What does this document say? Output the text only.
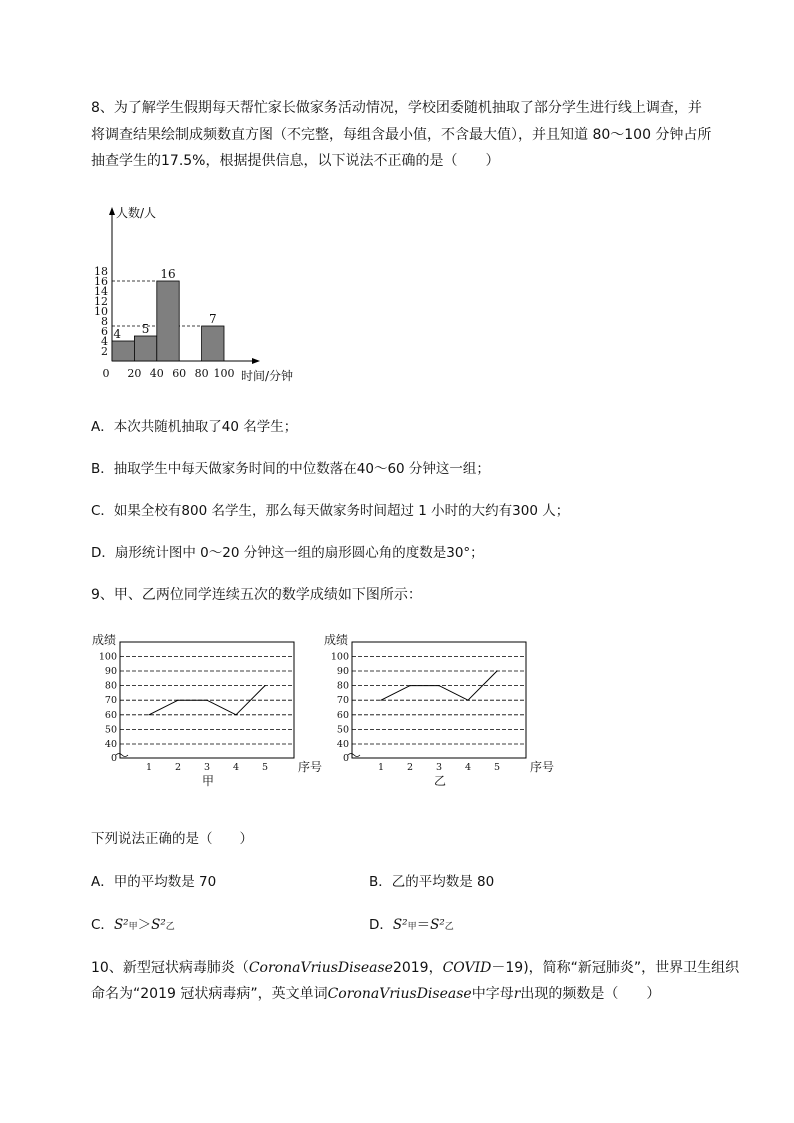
8、为了解学生假期每天帮忙家长做家务活动情况，学校团委随机抽取了部分学生进行线上调查，并
将调查结果绘制成频数直方图（不完整，每组含最小值，不含最大值），并且知道 80～100 分钟占所
抽查学生的17.5%，根据提供信息，以下说法不正确的是（　　）
人数/人
时间/分钟
2
4
6
8
10
12
14
16
18
0 20 40 60 80 100
4 5
16
7
A．本次共随机抽取了40 名学生；
B．抽取学生中每天做家务时间的中位数落在40～60 分钟这一组；
C．如果全校有800 名学生，那么每天做家务时间超过 1 小时的大约有300 人；
D．扇形统计图中 0～20 分钟这一组的扇形圆心角的度数是30°；
9、甲、乙两位同学连续五次的数学成绩如下图所示：
0
40
50
60
70
80
90
100
1 2 3 4 5
成绩
序号
甲
0
40
50
60
70
80
90
100
1 2 3 4 5
成绩
序号
乙
下列说法正确的是（　　）
A．甲的平均数是 70	B．乙的平均数是 80
C．S²甲＞S²乙	D．S²甲＝S²乙
10、新型冠状病毒肺炎（CoronaVriusDisease2019，COVID－19)，简称“新冠肺炎”，世界卫生组织
命名为“2019 冠状病毒病”，英文单词CoronaVriusDisease中字母r出现的频数是（　　）
